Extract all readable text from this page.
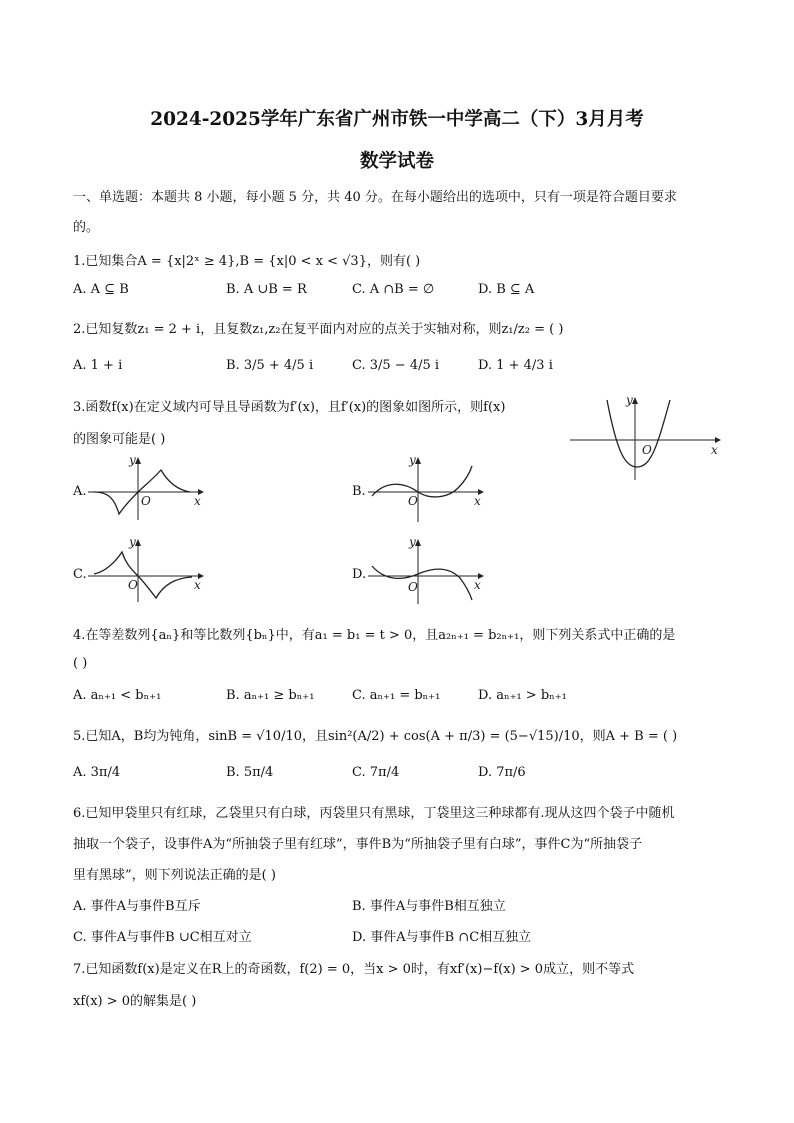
2024-2025学年广东省广州市铁一中学高二（下）3月月考
数学试卷
一、单选题：本题共 8 小题，每小题 5 分，共 40 分。在每小题给出的选项中，只有一项是符合题目要求
的。
1.已知集合A = {x|2ˣ ≥ 4},B = {x|0 < x < √3}，则有( )
A. A ⊆ B	B. A ∪B = R	C. A ∩B = ∅	D. B ⊆ A
2.已知复数z₁ = 2 + i，且复数z₁,z₂在复平面内对应的点关于实轴对称，则z₁/z₂ = ( )
A. 1 + i	B. 3/5 + 4/5 i	C. 3/5 − 4/5 i	D. 1 + 4/3 i
3.函数f(x)在定义域内可导且导函数为f′(x)，且f′(x)的图象如图所示，则f(x)
的图象可能是( )
y
x
O
A.
y
x
O
B.
y
x
O
C.
y
x
O
D.
y
x
O
4.在等差数列{aₙ}和等比数列{bₙ}中，有a₁ = b₁ = t > 0，且a₂ₙ₊₁ = b₂ₙ₊₁，则下列关系式中正确的是
( )
A. aₙ₊₁ < bₙ₊₁	B. aₙ₊₁ ≥ bₙ₊₁	C. aₙ₊₁ = bₙ₊₁	D. aₙ₊₁ > bₙ₊₁
5.已知A，B均为钝角，sinB = √10/10，且sin²(A/2) + cos(A + π/3) = (5−√15)/10，则A + B = ( )
A. 3π/4	B. 5π/4	C. 7π/4	D. 7π/6
6.已知甲袋里只有红球，乙袋里只有白球，丙袋里只有黑球，丁袋里这三种球都有.现从这四个袋子中随机
抽取一个袋子，设事件A为“所抽袋子里有红球”，事件B为“所抽袋子里有白球”，事件C为“所抽袋子
里有黑球”，则下列说法正确的是( )
A. 事件A与事件B互斥	B. 事件A与事件B相互独立
C. 事件A与事件B ∪C相互对立	D. 事件A与事件B ∩C相互独立
7.已知函数f(x)是定义在R上的奇函数，f(2) = 0，当x > 0时，有xf′(x)−f(x) > 0成立，则不等式
xf(x) > 0的解集是( )
